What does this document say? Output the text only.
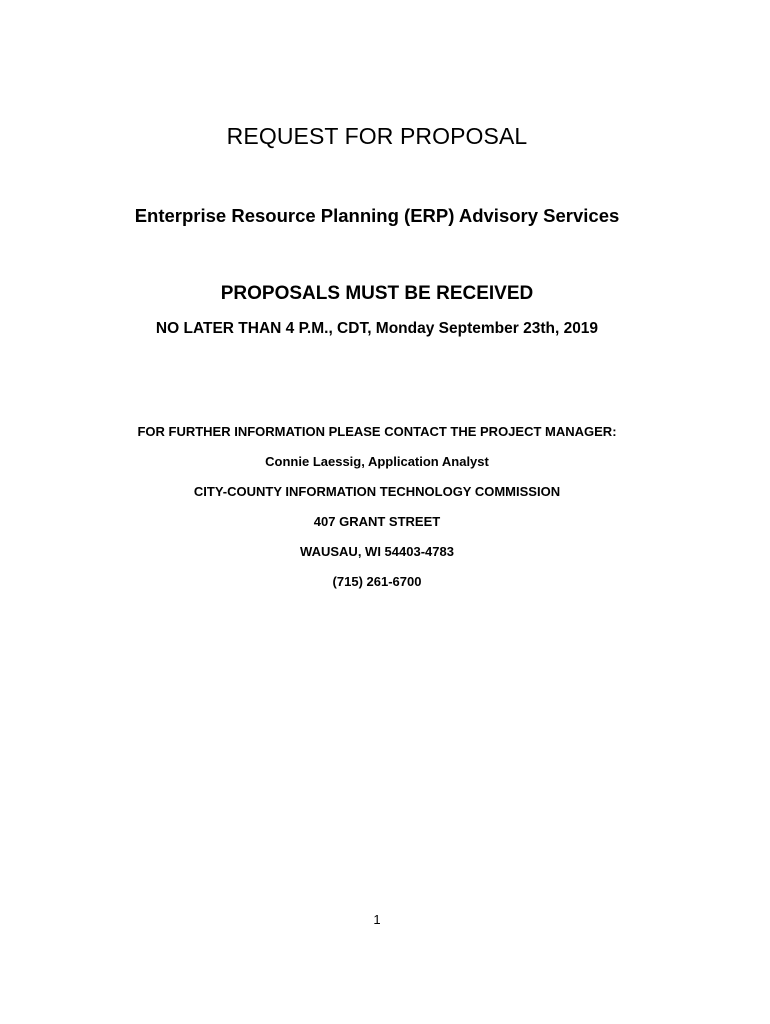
REQUEST FOR PROPOSAL
Enterprise Resource Planning (ERP) Advisory Services
PROPOSALS MUST BE RECEIVED
NO LATER THAN 4 P.M., CDT, Monday September 23th, 2019
FOR FURTHER INFORMATION PLEASE CONTACT THE PROJECT MANAGER:
Connie Laessig, Application Analyst
CITY-COUNTY INFORMATION TECHNOLOGY COMMISSION
407 GRANT STREET
WAUSAU, WI 54403-4783
(715) 261-6700
1
